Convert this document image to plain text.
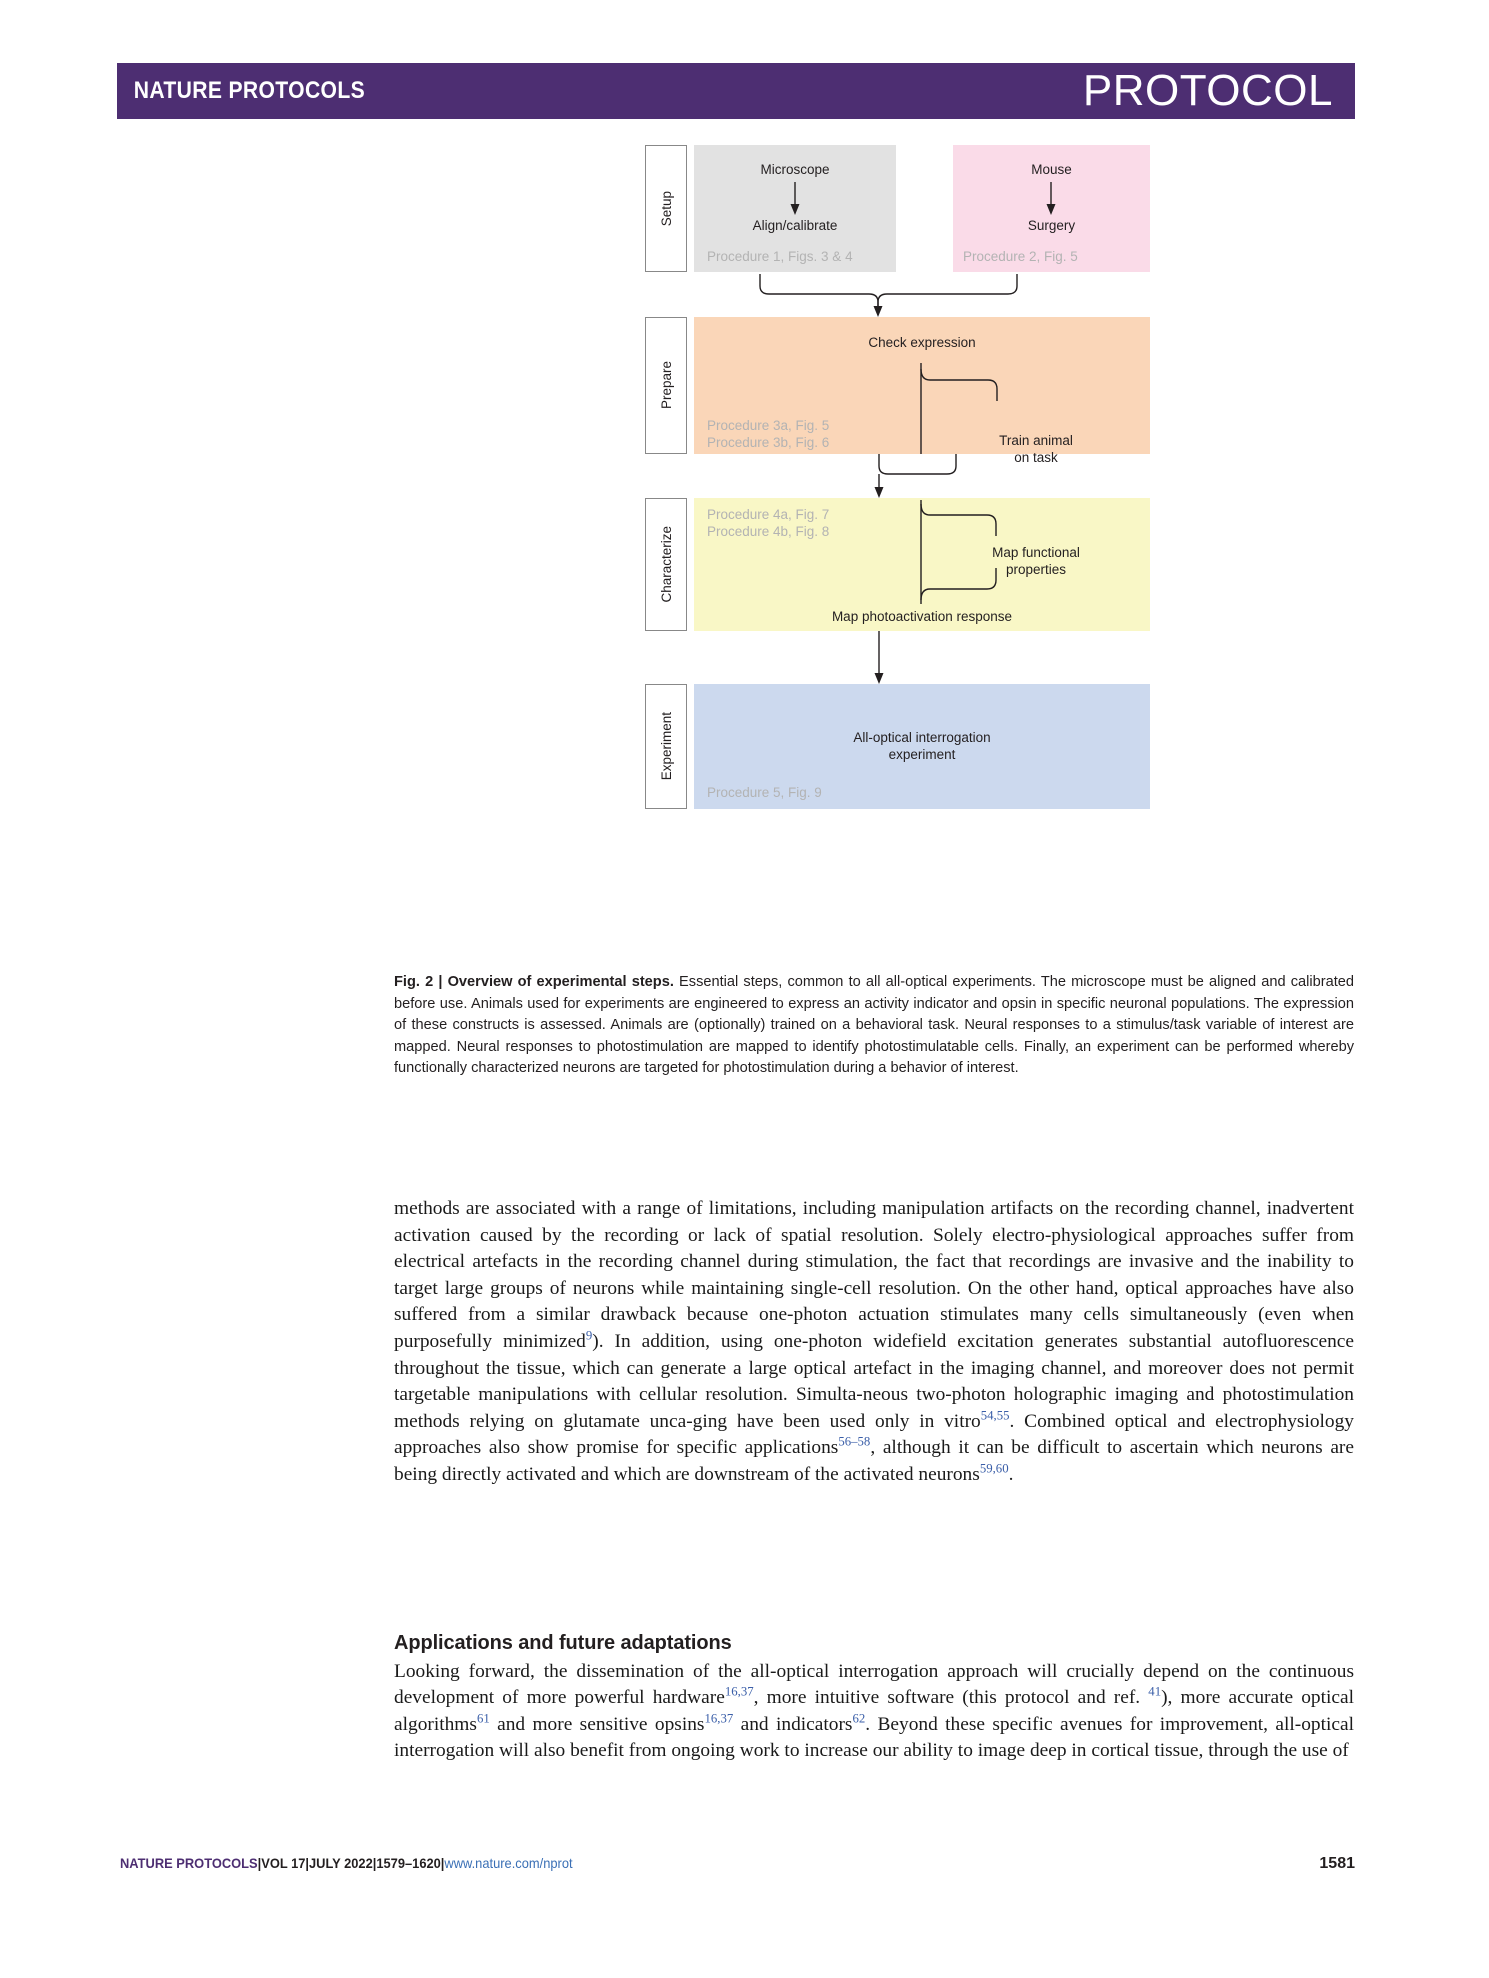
NATURE PROTOCOLS	PROTOCOL
Setup
Microscope
Align/calibrate
Procedure 1, Figs. 3 & 4
Mouse
Surgery
Procedure 2, Fig. 5
Prepare
Check expression
Train animal
on task
Procedure 3a, Fig. 5
Procedure 3b, Fig. 6
Characterize
Procedure 4a, Fig. 7
Procedure 4b, Fig. 8
Map functional
properties
Map photoactivation response
Experiment	All-optical interrogation
experiment
Procedure 5, Fig. 9
Fig. 2 | Overview of experimental steps. Essential steps, common to all all-optical experiments. The microscope must be aligned and calibrated before use. Animals used for experiments are engineered to express an activity indicator and opsin in specific neuronal populations. The expression of these constructs is assessed. Animals are (optionally) trained on a behavioral task. Neural responses to a stimulus/task variable of interest are mapped. Neural responses to photostimulation are mapped to identify photostimulatable cells. Finally, an experiment can be performed whereby functionally characterized neurons are targeted for photostimulation during a behavior of interest.

methods are associated with a range of limitations, including manipulation artifacts on the recording channel, inadvertent activation caused by the recording or lack of spatial resolution. Solely electro-physiological approaches suffer from electrical artefacts in the recording channel during stimulation, the fact that recordings are invasive and the inability to target large groups of neurons while maintaining single-cell resolution. On the other hand, optical approaches have also suffered from a similar drawback because one-photon actuation stimulates many cells simultaneously (even when purposefully minimized$^9$). In addition, using one-photon widefield excitation generates substantial autofluorescence throughout the tissue, which can generate a large optical artefact in the imaging channel, and moreover does not permit targetable manipulations with cellular resolution. Simulta-neous two-photon holographic imaging and photostimulation methods relying on glutamate unca-ging have been used only in vitro$^{54,55}$. Combined optical and electrophysiology approaches also show promise for specific applications$^{56-58}$, although it can be difficult to ascertain which neurons are being directly activated and which are downstream of the activated neurons$^{59,60}$.

Applications and future adaptations

Looking forward, the dissemination of the all-optical interrogation approach will crucially depend on the continuous development of more powerful hardware$^{16,37}$, more intuitive software (this protocol and ref. $^{41}$), more accurate optical algorithms$^{61}$ and more sensitive opsins$^{16,37}$ and indicators$^{62}$. Beyond these specific avenues for improvement, all-optical interrogation will also benefit from ongoing work to increase our ability to image deep in cortical tissue, through the use of

NATURE PROTOCOLS|VOL 17|JULY 2022|1579–1620|www.nature.com/nprot	1581
